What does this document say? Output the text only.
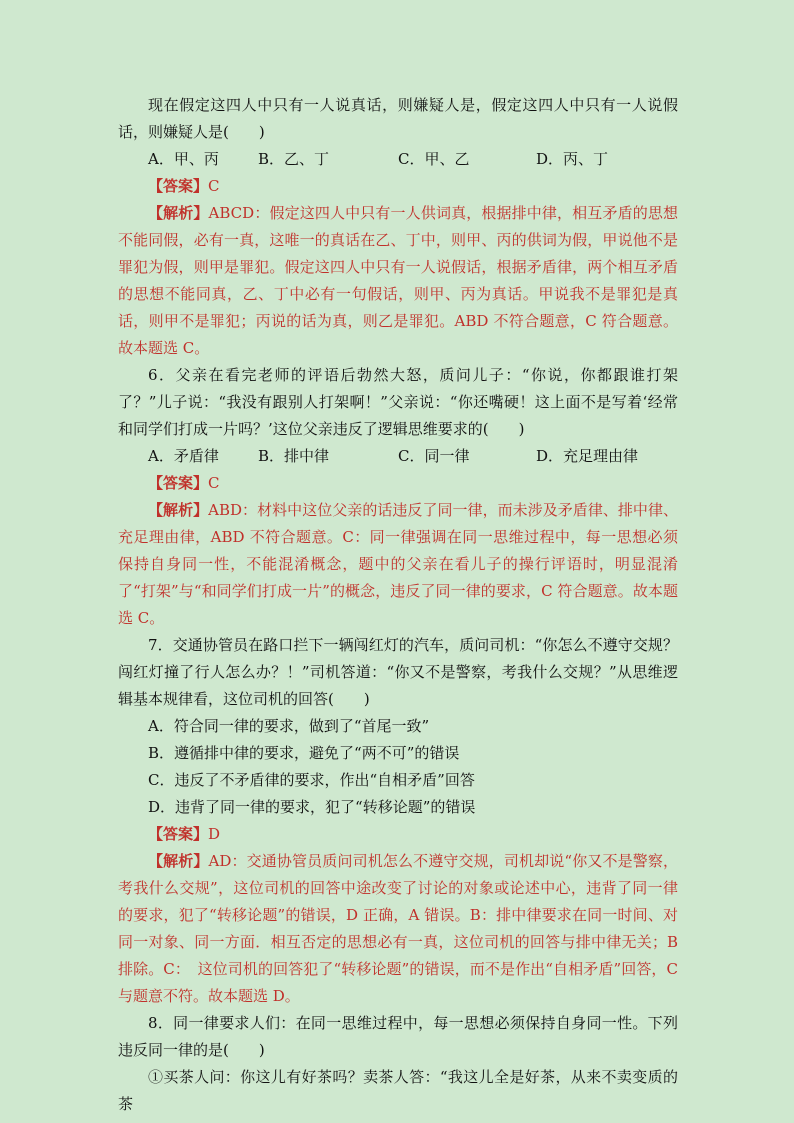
现在假定这四人中只有一人说真话，则嫌疑人是，假定这四人中只有一人说假话，则嫌疑人是(　　)

A．甲、丙	B．乙、丁	C．甲、乙	D．丙、丁

【答案】C

【解析】ABCD：假定这四人中只有一人供词真，根据排中律，相互矛盾的思想不能同假，必有一真，这唯一的真话在乙、丁中，则甲、丙的供词为假，甲说他不是罪犯为假，则甲是罪犯。假定这四人中只有一人说假话，根据矛盾律，两个相互矛盾的思想不能同真，乙、丁中必有一句假话，则甲、丙为真话。甲说我不是罪犯是真话，则甲不是罪犯；丙说的话为真，则乙是罪犯。ABD 不符合题意，C 符合题意。故本题选 C。

6．父亲在看完老师的评语后勃然大怒，质问儿子：“你说，你都跟谁打架了？”儿子说：“我没有跟别人打架啊！”父亲说：“你还嘴硬！这上面不是写着‘经常和同学们打成一片吗？’这位父亲违反了逻辑思维要求的(　　)

A．矛盾律	B．排中律	C．同一律	D．充足理由律

【答案】C

【解析】ABD：材料中这位父亲的话违反了同一律，而未涉及矛盾律、排中律、充足理由律，ABD 不符合题意。C：同一律强调在同一思维过程中，每一思想必须保持自身同一性，不能混淆概念，题中的父亲在看儿子的操行评语时，明显混淆了“打架”与“和同学们打成一片”的概念，违反了同一律的要求，C 符合题意。故本题选 C。

7．交通协管员在路口拦下一辆闯红灯的汽车，质问司机：“你怎么不遵守交规？闯红灯撞了行人怎么办？！”司机答道：“你又不是警察，考我什么交规？”从思维逻辑基本规律看，这位司机的回答(　　)

A．符合同一律的要求，做到了“首尾一致”

B．遵循排中律的要求，避免了“两不可”的错误

C．违反了不矛盾律的要求，作出“自相矛盾”回答

D．违背了同一律的要求，犯了“转移论题”的错误

【答案】D

【解析】AD：交通协管员质问司机怎么不遵守交规，司机却说“你又不是警察，考我什么交规”，这位司机的回答中途改变了讨论的对象或论述中心，违背了同一律的要求，犯了“转移论题”的错误，D 正确，A 错误。B：排中律要求在同一时间、对同一对象、同一方面．相互否定的思想必有一真，这位司机的回答与排中律无关；B 排除。C：　这位司机的回答犯了“转移论题”的错误，而不是作出“自相矛盾”回答，C 与题意不符。故本题选 D。

8．同一律要求人们：在同一思维过程中，每一思想必须保持自身同一性。下列违反同一律的是(　　)

①买茶人问：你这儿有好茶吗？卖茶人答：“我这儿全是好茶，从来不卖变质的茶
